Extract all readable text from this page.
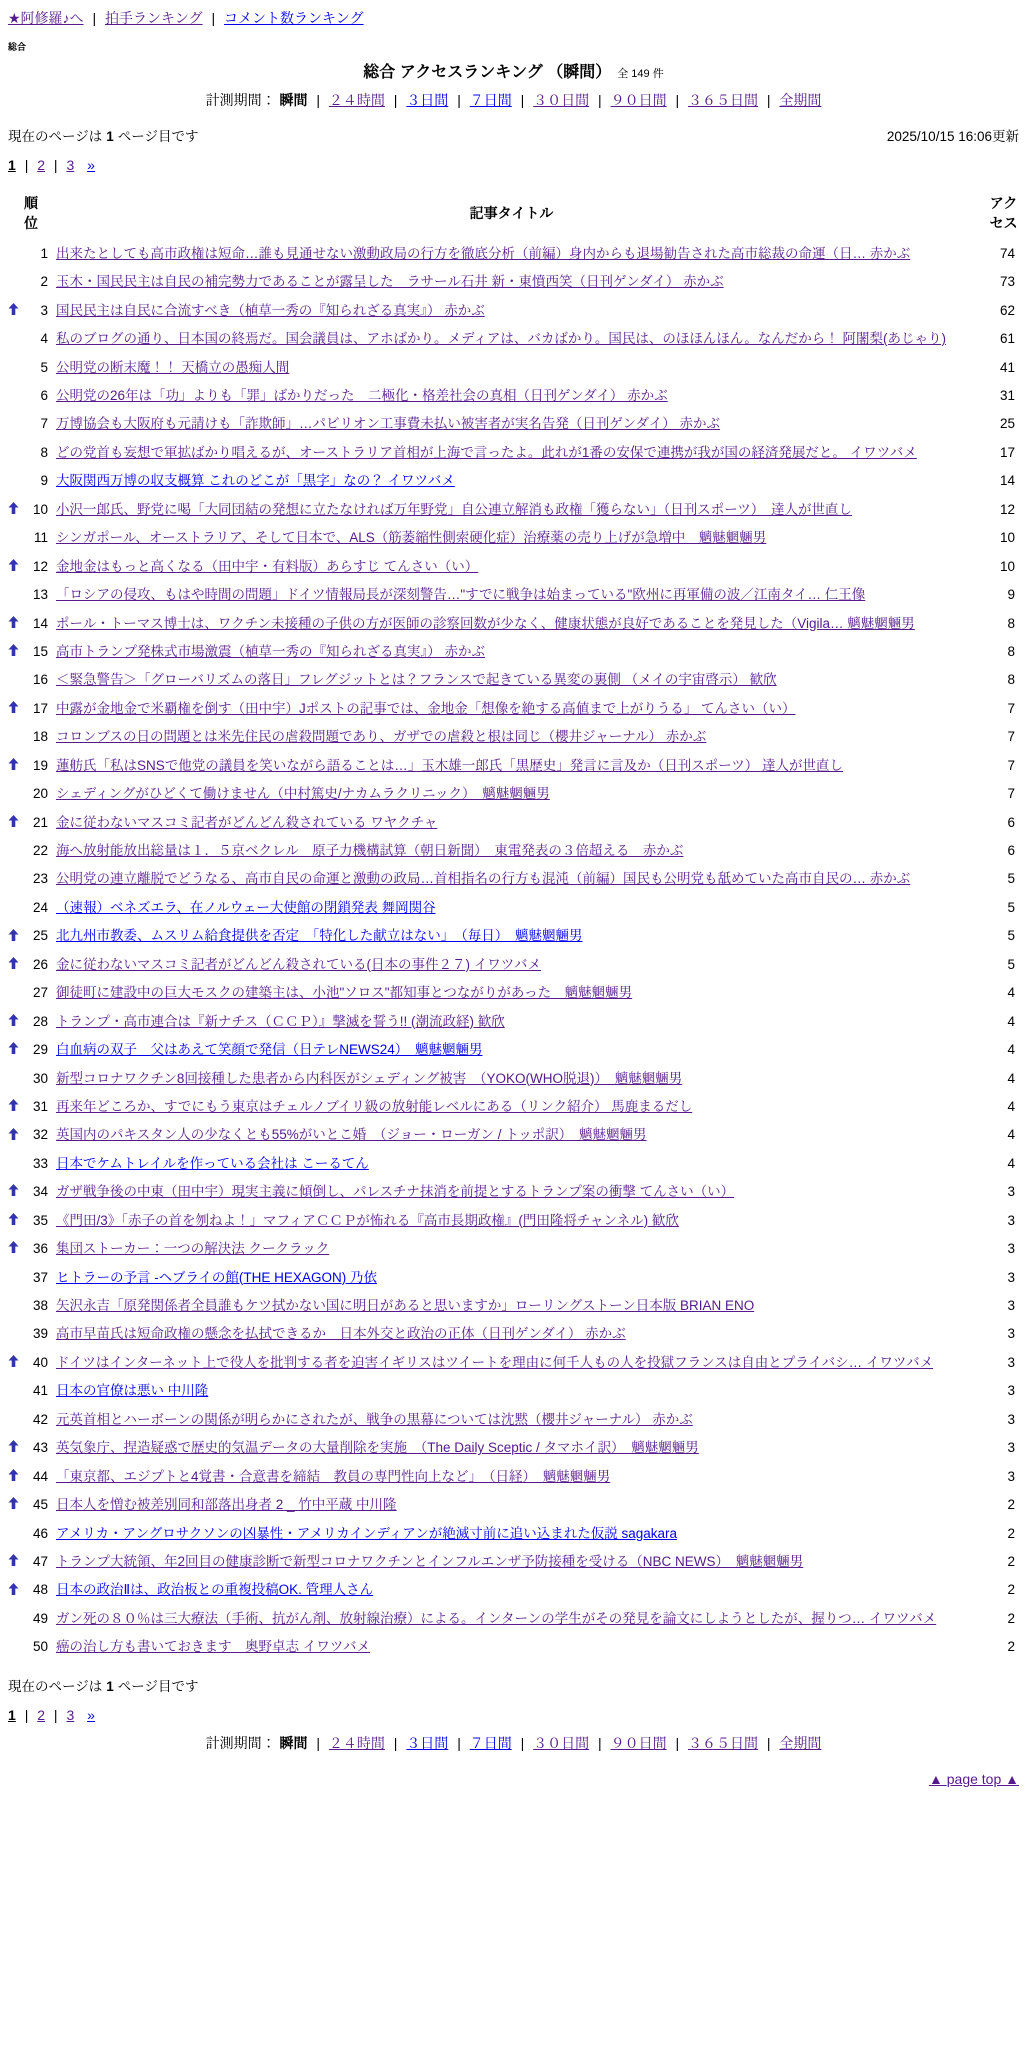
★阿修羅♪へ | 拍手ランキング | コメント数ランキング
総合
総合 アクセスランキング （瞬間） 全 149 件
計測期間： 瞬間 | ２４時間 | ３日間 | ７日間 | ３０日間 | ９０日間 | ３６５日間 | 全期間
現在のページは 1 ページ目です	2025/10/15 16:06更新
1 | 2 | 3 »
順位		記事タイトル	アクセス
	1	出来たとしても高市政権は短命…誰も見通せない激動政局の行方を徹底分析（前編）身内からも退場勧告された高市総裁の命運（日… 赤かぶ	74
	2	玉木・国民民主は自民の補完勢力であることが露呈した　ラサール石井 新・東憤西笑（日刊ゲンダイ） 赤かぶ	73
	3	国民民主は自民に合流すべき（植草一秀の『知られざる真実』） 赤かぶ	62
	4	私のブログの通り、日本国の終焉だ。国会議員は、アホばかり。メディアは、バカばかり。国民は、のほほんほん。なんだから！ 阿闍梨(あじゃり)	61
	5	公明党の断末魔！！ 天橋立の愚痴人間	41
	6	公明党の26年は「功」よりも「罪」ばかりだった　二極化・格差社会の真相（日刊ゲンダイ） 赤かぶ	31
	7	万博協会も大阪府も元請けも「詐欺師」…パビリオン工事費未払い被害者が実名告発（日刊ゲンダイ） 赤かぶ	25
	8	どの党首も妄想で軍拡ばかり唱えるが、オーストラリア首相が上海で言ったよ。此れが1番の安保で連携が我が国の経済発展だと。 イワツバメ	17
	9	大阪関西万博の収支概算 これのどこが「黒字」なの？ イワツバメ	14
	10	小沢一郎氏、野党に喝「大同団結の発想に立たなければ万年野党」自公連立解消も政権「獲らない」（日刊スポーツ）　達人が世直し	12
	11	シンガポール、オーストラリア、そして日本で、ALS（筋萎縮性側索硬化症）治療薬の売り上げが急増中　魑魅魍魎男	10
	12	金地金はもっと高くなる（田中宇・有料版）あらすじ てんさい（い）	10
	13	「ロシアの侵攻、もはや時間の問題」ドイツ情報局長が深刻警告…"すでに戦争は始まっている"欧州に再軍備の波／江南タイ… 仁王像	9
	14	ポール・トーマス博士は、ワクチン未接種の子供の方が医師の診察回数が少なく、健康状態が良好であることを発見した（Vigila… 魑魅魍魎男	8
	15	高市トランプ発株式市場激震（植草一秀の『知られざる真実』） 赤かぶ	8
	16	＜緊急警告＞「グローバリズムの落日」フレグジットとは？フランスで起きている異変の裏側 （メイの宇宙啓示） 歓欣	8
	17	中露が金地金で米覇権を倒す（田中宇）Jポストの記事では、金地金「想像を絶する高値まで上がりうる」 てんさい（い）	7
	18	コロンブスの日の問題とは米先住民の虐殺問題であり、ガザでの虐殺と根は同じ（櫻井ジャーナル） 赤かぶ	7
	19	蓮舫氏「私はSNSで他党の議員を笑いながら語ることは…」玉木雄一郎氏「黒歴史」発言に言及か（日刊スポーツ） 達人が世直し	7
	20	シェディングがひどくて働けません（中村篤史/ナカムラクリニック）　魑魅魍魎男	7
	21	金に従わないマスコミ記者がどんどん殺されている ワヤクチャ	6
	22	海へ放射能放出総量は１．５京ベクレル　原子力機構試算（朝日新聞）　東電発表の３倍超える　赤かぶ	6
	23	公明党の連立離脱でどうなる、高市自民の命運と激動の政局…首相指名の行方も混沌（前編）国民も公明党も舐めていた高市自民の… 赤かぶ	5
	24	（速報）ベネズエラ、在ノルウェー大使館の閉鎖発表 舞岡関谷	5
	25	北九州市教委、ムスリム給食提供を否定　「特化した献立はない」　（毎日）　魑魅魍魎男	5
	26	金に従わないマスコミ記者がどんどん殺されている(日本の事件２７) イワツバメ	5
	27	御徒町に建設中の巨大モスクの建築主は、小池"ソロス"都知事とつながりがあった　魑魅魍魎男	4
	28	トランプ・高市連合は『新ナチス（ＣＣＰ）』撃滅を誓う!! (潮流政経) 歓欣	4
	29	白血病の双子　父はあえて笑顔で発信（日テレNEWS24）　魑魅魍魎男	4
	30	新型コロナワクチン8回接種した患者から内科医がシェディング被害　（YOKO(WHO脱退)）　魑魅魍魎男	4
	31	再来年どころか、すでにもう東京はチェルノブイリ級の放射能レベルにある（リンク紹介） 馬鹿まるだし	4
	32	英国内のパキスタン人の少なくとも55%がいとこ婚　（ジョー・ローガン / トッポ訳）　魑魅魍魎男	4
	33	日本でケムトレイルを作っている会社は こーるてん	4
	34	ガザ戦争後の中東（田中宇）現実主義に傾倒し、パレスチナ抹消を前提とするトランプ案の衝撃 てんさい（い）	3
	35	《門田/3》「赤子の首を刎ねよ！」マフィアＣＣＰが怖れる『高市長期政権』(門田隆将チャンネル) 歓欣	3
	36	集団ストーカー：一つの解決法 クークラック	3
	37	ヒトラーの予言 -ヘブライの館(THE HEXAGON) 乃依	3
	38	矢沢永吉「原発関係者全員誰もケツ拭かない国に明日があると思いますか」ローリングストーン日本版 BRIAN ENO	3
	39	高市早苗氏は短命政権の懸念を払拭できるか　日本外交と政治の正体（日刊ゲンダイ） 赤かぶ	3
	40	ドイツはインターネット上で役人を批判する者を迫害イギリスはツイートを理由に何千人もの人を投獄フランスは自由とプライバシ… イワツバメ	3
	41	日本の官僚は悪い 中川隆	3
	42	元英首相とハーボーンの関係が明らかにされたが、戦争の黒幕については沈黙（櫻井ジャーナル） 赤かぶ	3
	43	英気象庁、捏造疑惑で歴史的気温データの大量削除を実施　（The Daily Sceptic / タマホイ訳）　魑魅魍魎男	3
	44	「東京都、エジプトと4覚書・合意書を締結　教員の専門性向上など」　（日経）　魑魅魍魎男	3
	45	日本人を憎む被差別同和部落出身者 2 _ 竹中平蔵 中川隆	2
	46	アメリカ・アングロサクソンの凶暴性・アメリカインディアンが絶滅寸前に追い込まれた仮説 sagakara	2
	47	トランプ大統領、年2回目の健康診断で新型コロナワクチンとインフルエンザ予防接種を受ける（NBC NEWS）　魑魅魍魎男	2
	48	日本の政治Ⅱは、政治板との重複投稿OK. 管理人さん	2
	49	ガン死の８０％は三大療法（手術、抗がん剤、放射線治療）による。インターンの学生がその発見を論文にしようとしたが、握りつ… イワツバメ	2
	50	癌の治し方も書いておきます　奥野卓志 イワツバメ	2
現在のページは 1 ページ目です
1 | 2 | 3 »
計測期間： 瞬間 | ２４時間 | ３日間 | ７日間 | ３０日間 | ９０日間 | ３６５日間 | 全期間
▲ page top ▲
